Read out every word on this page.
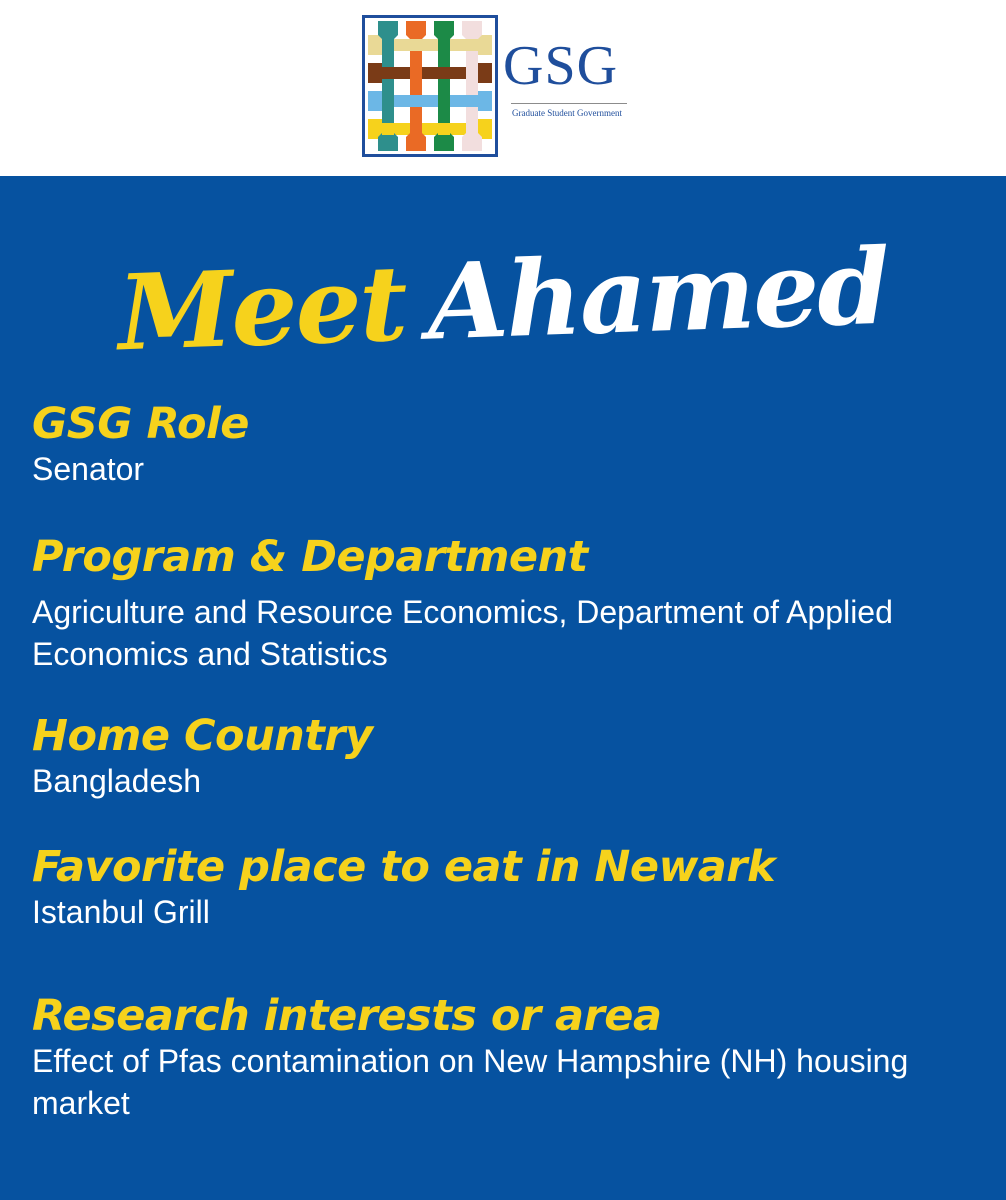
GSG
Graduate Student Government
Meet Ahamed
GSG Role
Senator
Program & Department
Agriculture and Resource Economics, Department of Applied Economics and Statistics
Home Country
Bangladesh
Favorite place to eat in Newark
Istanbul Grill
Research interests or area
Effect of Pfas contamination on New Hampshire (NH) housing market
